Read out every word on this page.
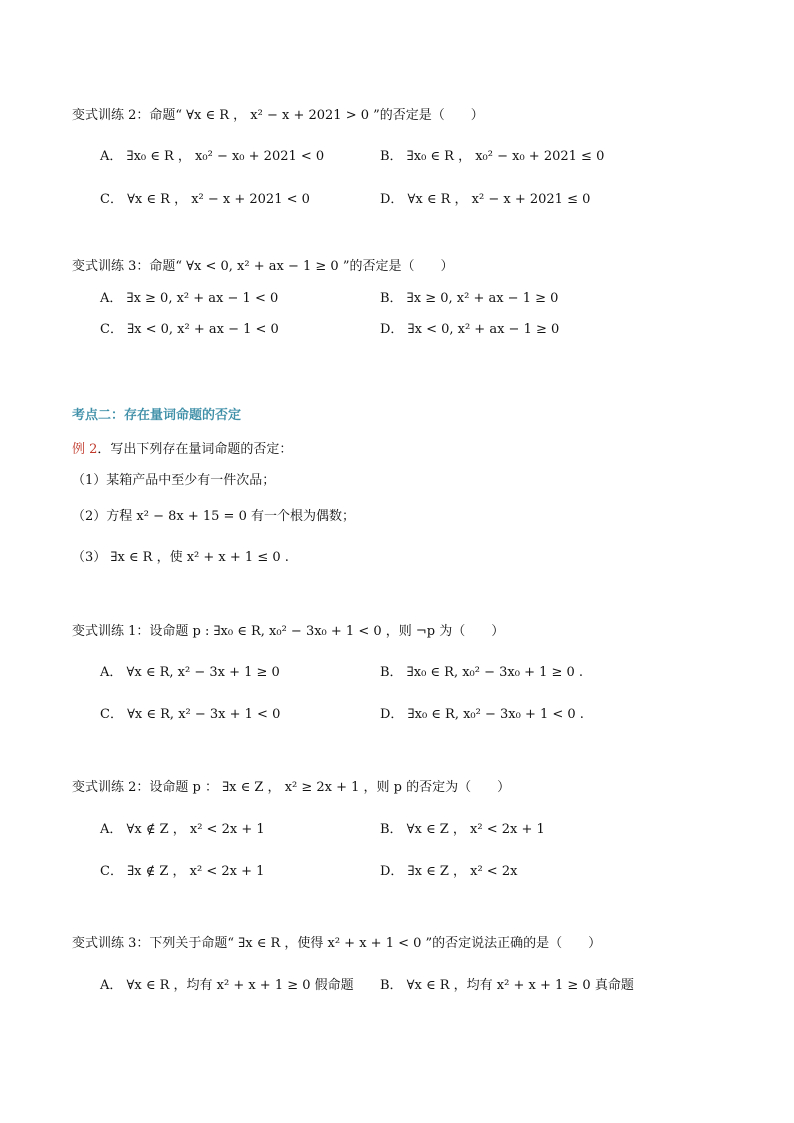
变式训练 2：命题“ ∀x ∈ R ， x² − x + 2021 > 0 ”的否定是（　　）
A． ∃x₀ ∈ R ， x₀² − x₀ + 2021 < 0	B． ∃x₀ ∈ R ， x₀² − x₀ + 2021 ≤ 0
C． ∀x ∈ R ， x² − x + 2021 < 0	D． ∀x ∈ R ， x² − x + 2021 ≤ 0
变式训练 3：命题“ ∀x < 0, x² + ax − 1 ≥ 0 ”的否定是（　　）
A． ∃x ≥ 0, x² + ax − 1 < 0	B． ∃x ≥ 0, x² + ax − 1 ≥ 0
C． ∃x < 0, x² + ax − 1 < 0	D． ∃x < 0, x² + ax − 1 ≥ 0
考点二：存在量词命题的否定
例 2．写出下列存在量词命题的否定：
（1）某箱产品中至少有一件次品；
（2）方程 x² − 8x + 15 = 0 有一个根为偶数；
（3） ∃x ∈ R ，使 x² + x + 1 ≤ 0 .
变式训练 1：设命题 p : ∃x₀ ∈ R, x₀² − 3x₀ + 1 < 0 ，则 ¬p 为（　　）
A． ∀x ∈ R, x² − 3x + 1 ≥ 0	B． ∃x₀ ∈ R, x₀² − 3x₀ + 1 ≥ 0 .
C． ∀x ∈ R, x² − 3x + 1 < 0	D． ∃x₀ ∈ R, x₀² − 3x₀ + 1 < 0 .
变式训练 2：设命题 p ： ∃x ∈ Z ， x² ≥ 2x + 1 ，则 p 的否定为（　　）
A． ∀x ∉ Z ， x² < 2x + 1	B． ∀x ∈ Z ， x² < 2x + 1
C． ∃x ∉ Z ， x² < 2x + 1	D． ∃x ∈ Z ， x² < 2x
变式训练 3：下列关于命题“ ∃x ∈ R ，使得 x² + x + 1 < 0 ”的否定说法正确的是（　　）
A． ∀x ∈ R ，均有 x² + x + 1 ≥ 0 假命题 B． ∀x ∈ R ，均有 x² + x + 1 ≥ 0 真命题
